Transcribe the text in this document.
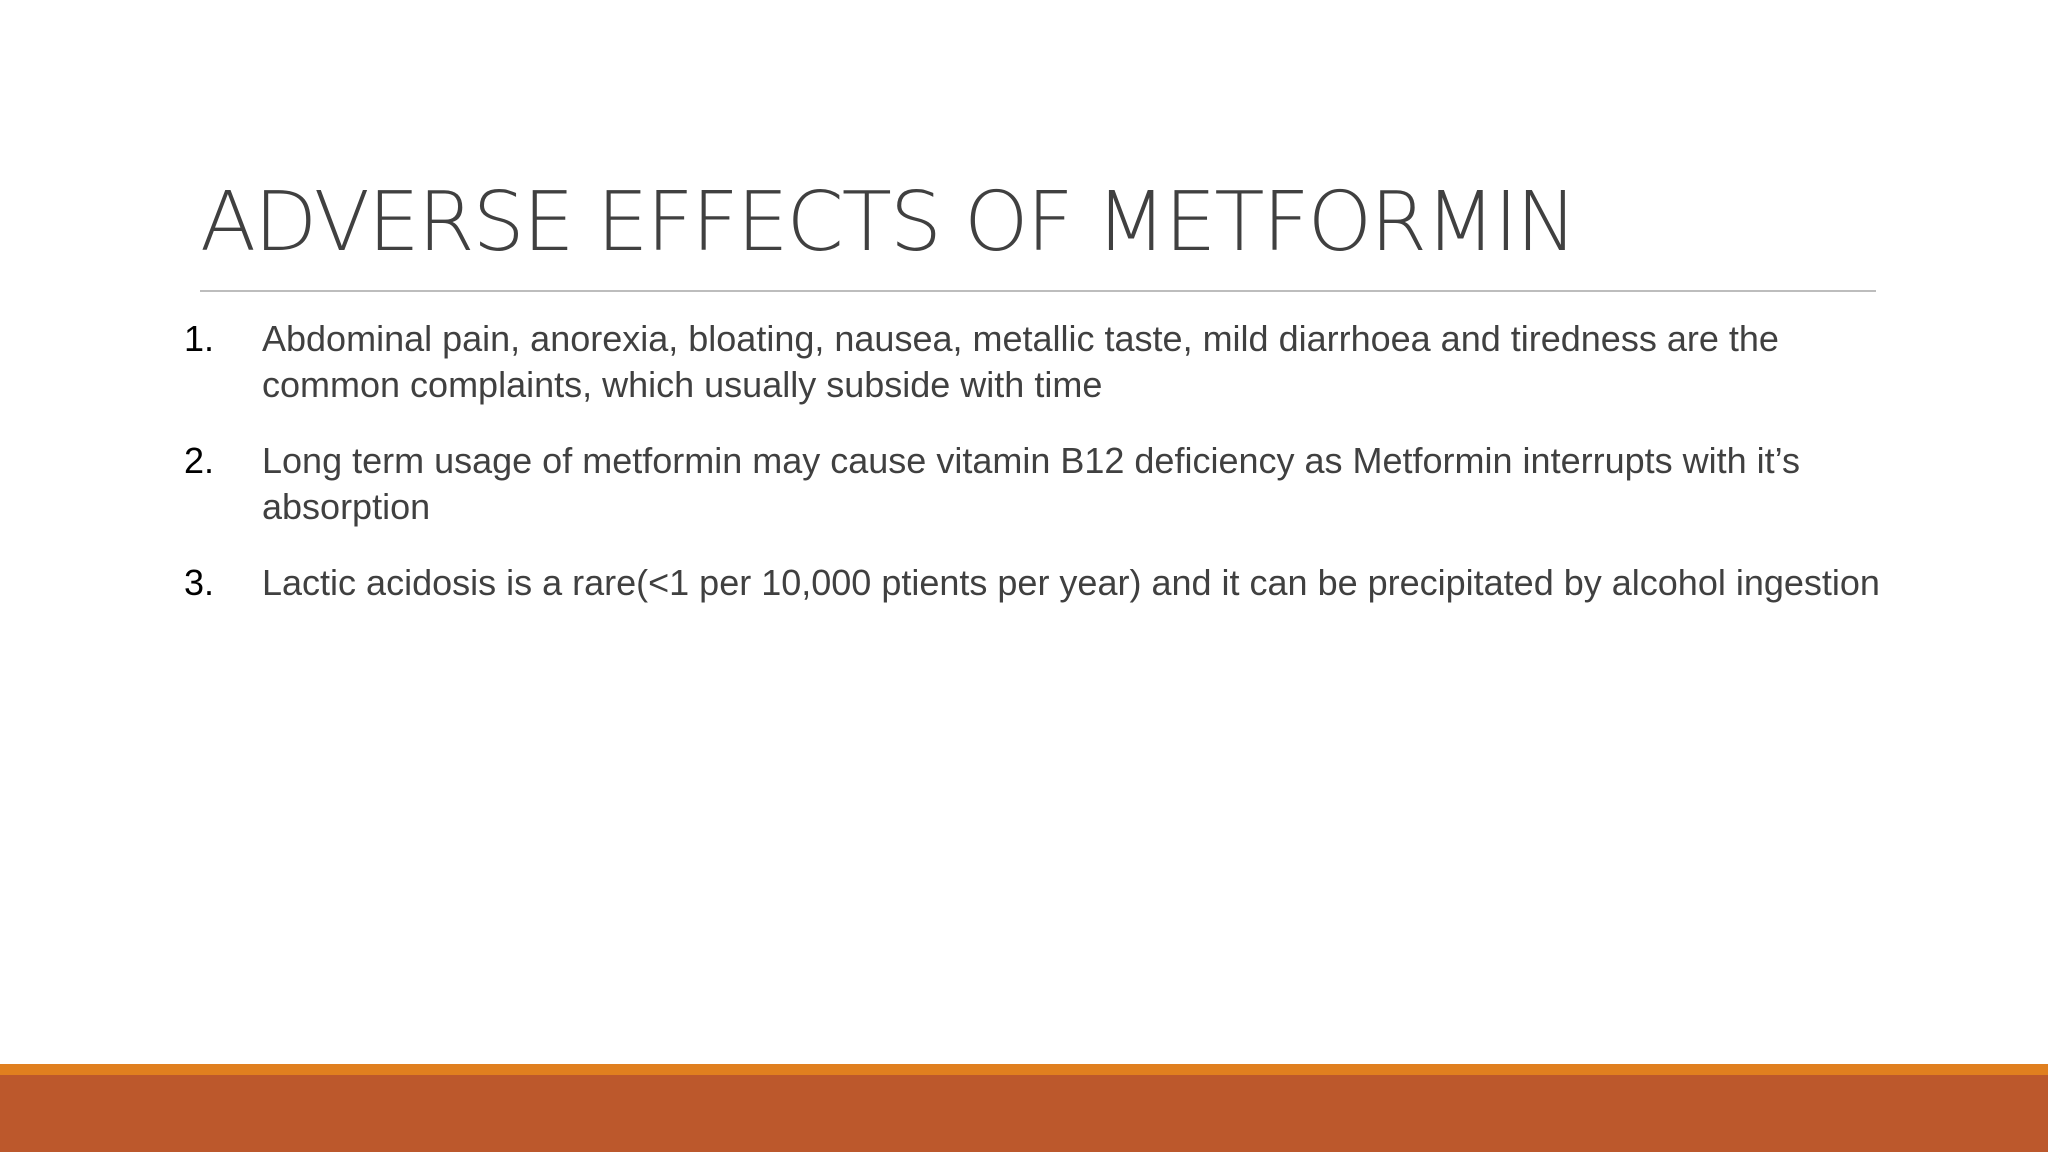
ADVERSE EFFECTS OF METFORMIN
1. Abdominal pain, anorexia, bloating, nausea, metallic taste, mild diarrhoea and tiredness are the common complaints, which usually subside with time
2. Long term usage of metformin may cause vitamin B12 deficiency as Metformin interrupts with it’s absorption
3. Lactic acidosis is a rare(<1 per 10,000 ptients per year) and it can be precipitated by alcohol ingestion
